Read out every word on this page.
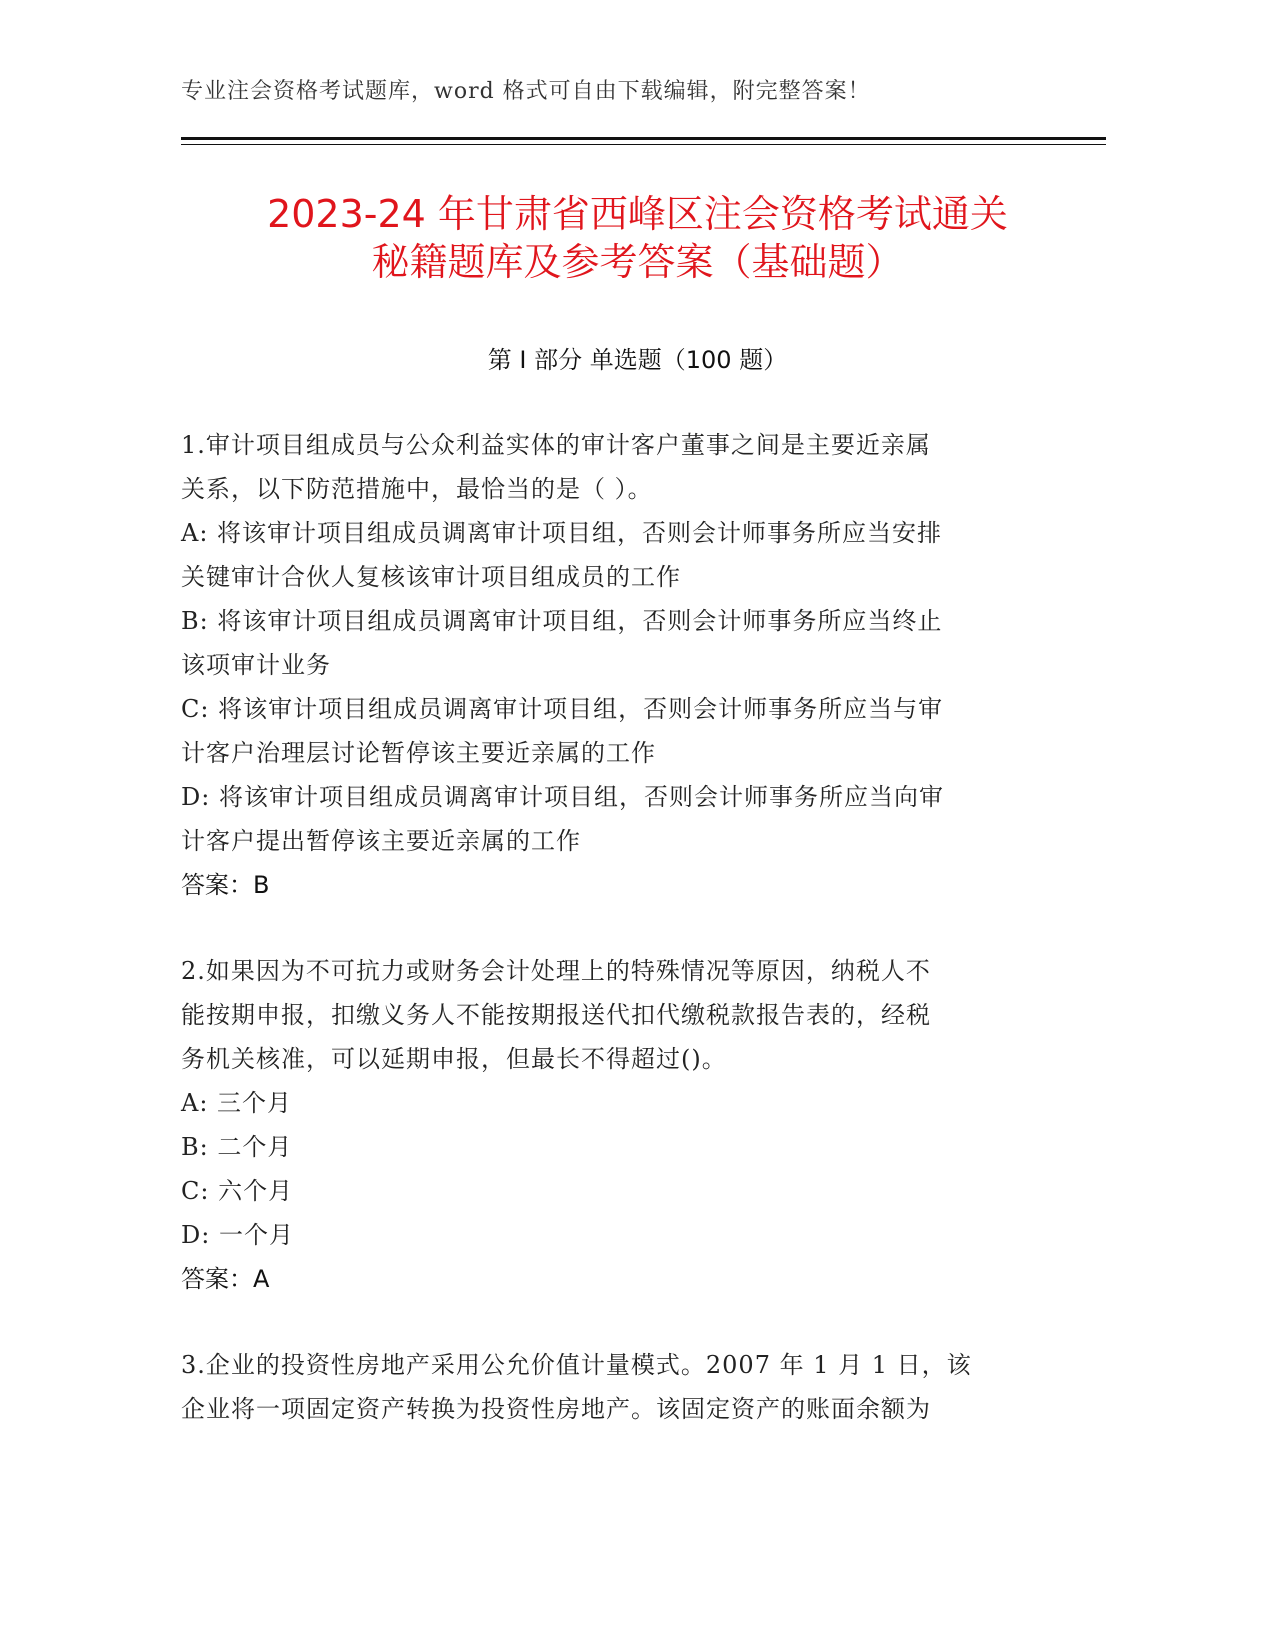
专业注会资格考试题库，word 格式可自由下载编辑，附完整答案！
2023-24 年甘肃省西峰区注会资格考试通关
秘籍题库及参考答案（基础题）
第 I 部分 单选题（100 题）
1.审计项目组成员与公众利益实体的审计客户董事之间是主要近亲属
关系，以下防范措施中，最恰当的是（ ）。
A: 将该审计项目组成员调离审计项目组，否则会计师事务所应当安排
关键审计合伙人复核该审计项目组成员的工作
B: 将该审计项目组成员调离审计项目组，否则会计师事务所应当终止
该项审计业务
C: 将该审计项目组成员调离审计项目组，否则会计师事务所应当与审
计客户治理层讨论暂停该主要近亲属的工作
D: 将该审计项目组成员调离审计项目组，否则会计师事务所应当向审
计客户提出暂停该主要近亲属的工作
答案：B
2.如果因为不可抗力或财务会计处理上的特殊情况等原因，纳税人不
能按期申报，扣缴义务人不能按期报送代扣代缴税款报告表的，经税
务机关核准，可以延期申报，但最长不得超过()。
A: 三个月
B: 二个月
C: 六个月
D: 一个月
答案：A
3.企业的投资性房地产采用公允价值计量模式。2007 年 1 月 1 日，该
企业将一项固定资产转换为投资性房地产。该固定资产的账面余额为
